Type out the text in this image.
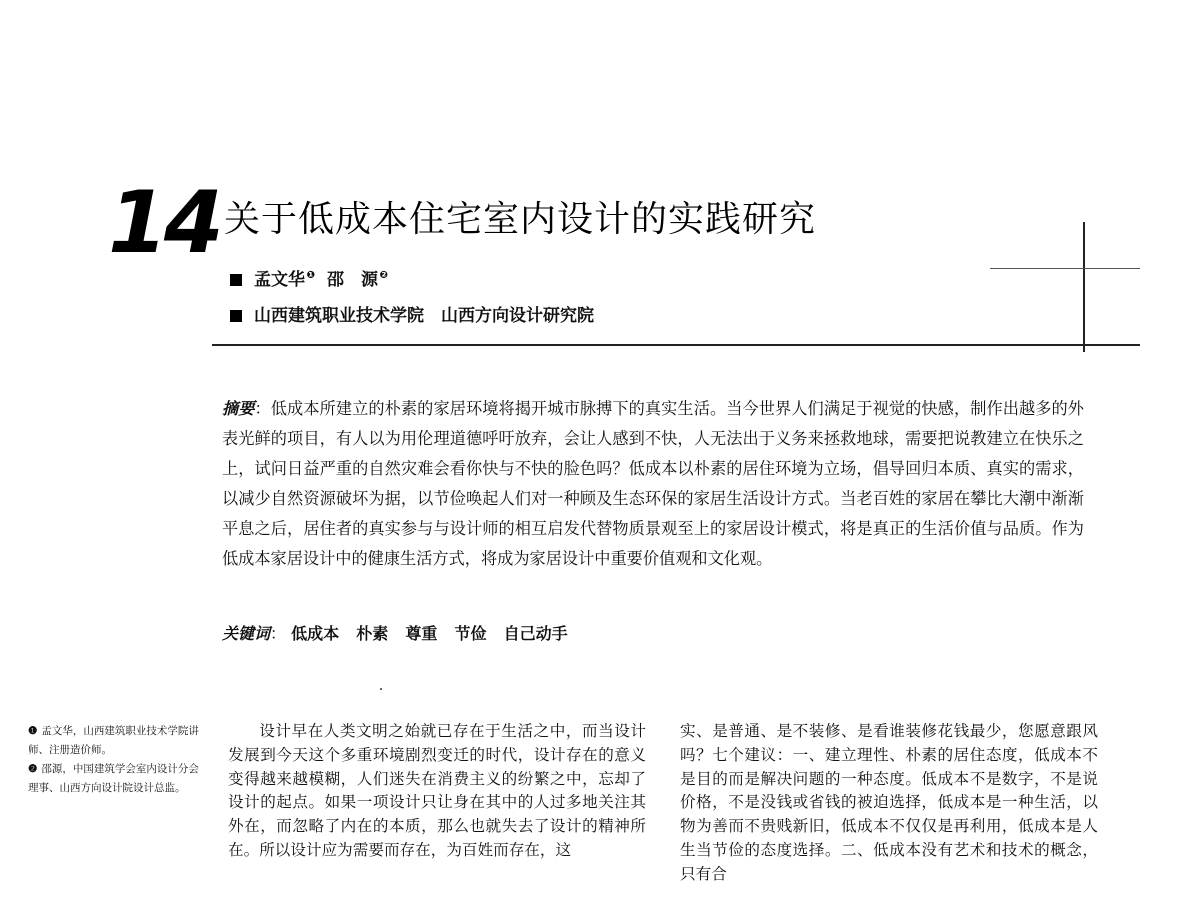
14 关于低成本住宅室内设计的实践研究
孟文华 ❶ 邵　源 ❷
山西建筑职业技术学院　山西方向设计研究院
摘要：低成本所建立的朴素的家居环境将揭开城市脉搏下的真实生活。当今世界人们满足于视觉的快感，制作出越多的外表光鲜的项目，有人以为用伦理道德呼吁放弃，会让人感到不快，人无法出于义务来拯救地球，需要把说教建立在快乐之上，试问日益严重的自然灾难会看你快与不快的脸色吗？低成本以朴素的居住环境为立场，倡导回归本质、真实的需求，以减少自然资源破坏为据，以节俭唤起人们对一种顾及生态环保的家居生活设计方式。当老百姓的家居在攀比大潮中渐渐平息之后，居住者的真实参与与设计师的相互启发代替物质景观至上的家居设计模式，将是真正的生活价值与品质。作为低成本家居设计中的健康生活方式，将成为家居设计中重要价值观和文化观。
关键词： 低成本 朴素 尊重 节俭 自己动手
❶ 孟文华，山西建筑职业技术学院讲师、注册造价师。
❷ 邵源，中国建筑学会室内设计分会理事、山西方向设计院设计总监。
设计早在人类文明之始就已存在于生活之中，而当设计发展到今天这个多重环境剧烈变迁的时代，设计存在的意义变得越来越模糊，人们迷失在消费主义的纷繁之中，忘却了设计的起点。如果一项设计只让身在其中的人过多地关注其外在，而忽略了内在的本质，那么也就失去了设计的精神所在。所以设计应为需要而存在，为百姓而存在，这
实、是普通、是不装修、是看谁装修花钱最少，您愿意跟风吗？七个建议：一、建立理性、朴素的居住态度，低成本不是目的而是解决问题的一种态度。低成本不是数字，不是说价格，不是没钱或省钱的被迫选择，低成本是一种生活，以物为善而不贵贱新旧，低成本不仅仅是再利用，低成本是人生当节俭的态度选择。二、低成本没有艺术和技术的概念，只有合
